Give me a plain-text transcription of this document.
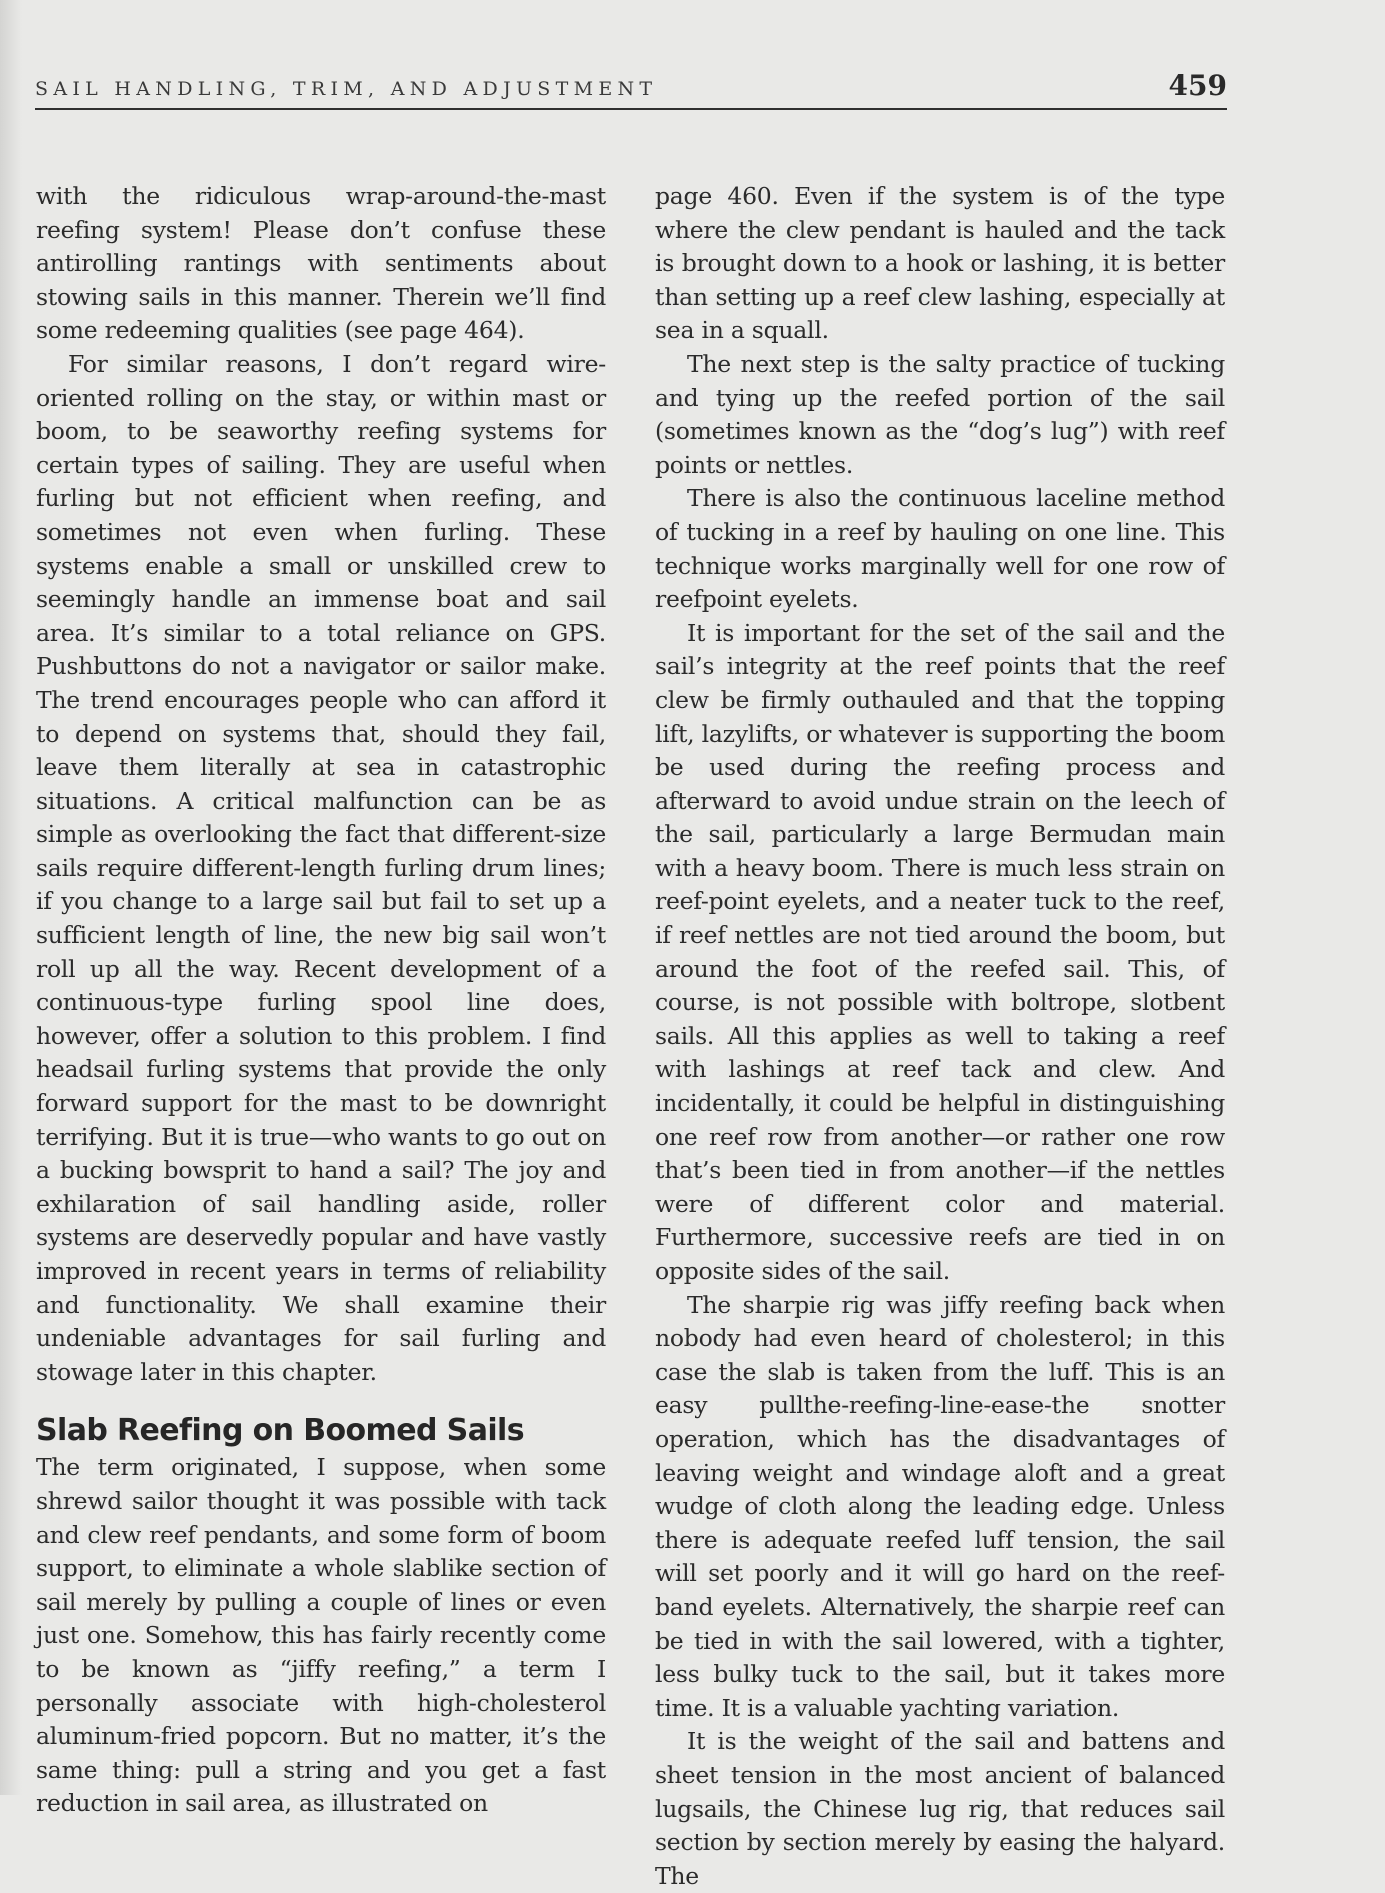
SAIL HANDLING, TRIM, AND ADJUSTMENT	459

with the ridiculous wrap-around-the-mast reefing system! Please don’t confuse these antirolling rantings with sentiments about stowing sails in this manner. Therein we’ll find some redeeming qualities (see page 464).

For similar reasons, I don’t regard wire-oriented rolling on the stay, or within mast or boom, to be seaworthy reefing systems for certain types of sailing. They are useful when furling but not efficient when reefing, and sometimes not even when furling. These systems enable a small or unskilled crew to seemingly handle an immense boat and sail area. It’s similar to a total reliance on GPS. Pushbuttons do not a navigator or sailor make. The trend encourages people who can afford it to depend on systems that, should they fail, leave them literally at sea in catastrophic situations. A critical malfunction can be as simple as overlooking the fact that different-size sails require different-length furling drum lines; if you change to a large sail but fail to set up a sufficient length of line, the new big sail won’t roll up all the way. Recent development of a continuous-type furling spool line does, however, offer a solution to this problem. I find headsail furling systems that provide the only forward support for the mast to be downright terrifying. But it is true—who wants to go out on a bucking bowsprit to hand a sail? The joy and exhilaration of sail handling aside, roller systems are deservedly popular and have vastly improved in recent years in terms of reliability and functionality. We shall examine their undeniable advantages for sail furling and stowage later in this chapter.

Slab Reefing on Boomed Sails

The term originated, I suppose, when some shrewd sailor thought it was possible with tack and clew reef pendants, and some form of boom support, to eliminate a whole slablike section of sail merely by pulling a couple of lines or even just one. Somehow, this has fairly recently come to be known as “jiffy reefing,” a term I personally associate with high-cholesterol aluminum-fried popcorn. But no matter, it’s the same thing: pull a string and you get a fast reduction in sail area, as illustrated on

page 460. Even if the system is of the type where the clew pendant is hauled and the tack is brought down to a hook or lashing, it is better than setting up a reef clew lashing, especially at sea in a squall.

The next step is the salty practice of tucking and tying up the reefed portion of the sail (sometimes known as the “dog’s lug”) with reef points or nettles.

There is also the continuous laceline method of tucking in a reef by hauling on one line. This technique works marginally well for one row of reefpoint eyelets.

It is important for the set of the sail and the sail’s integrity at the reef points that the reef clew be firmly outhauled and that the topping lift, lazylifts, or whatever is supporting the boom be used during the reefing process and afterward to avoid undue strain on the leech of the sail, particularly a large Bermudan main with a heavy boom. There is much less strain on reef-point eyelets, and a neater tuck to the reef, if reef nettles are not tied around the boom, but around the foot of the reefed sail. This, of course, is not possible with boltrope, slotbent sails. All this applies as well to taking a reef with lashings at reef tack and clew. And incidentally, it could be helpful in distinguishing one reef row from another—or rather one row that’s been tied in from another—if the nettles were of different color and material. Furthermore, successive reefs are tied in on opposite sides of the sail.

The sharpie rig was jiffy reefing back when nobody had even heard of cholesterol; in this case the slab is taken from the luff. This is an easy pullthe-reefing-line-ease-the snotter operation, which has the disadvantages of leaving weight and windage aloft and a great wudge of cloth along the leading edge. Unless there is adequate reefed luff tension, the sail will set poorly and it will go hard on the reef-band eyelets. Alternatively, the sharpie reef can be tied in with the sail lowered, with a tighter, less bulky tuck to the sail, but it takes more time. It is a valuable yachting variation.

It is the weight of the sail and battens and sheet tension in the most ancient of balanced lugsails, the Chinese lug rig, that reduces sail section by section merely by easing the halyard. The
